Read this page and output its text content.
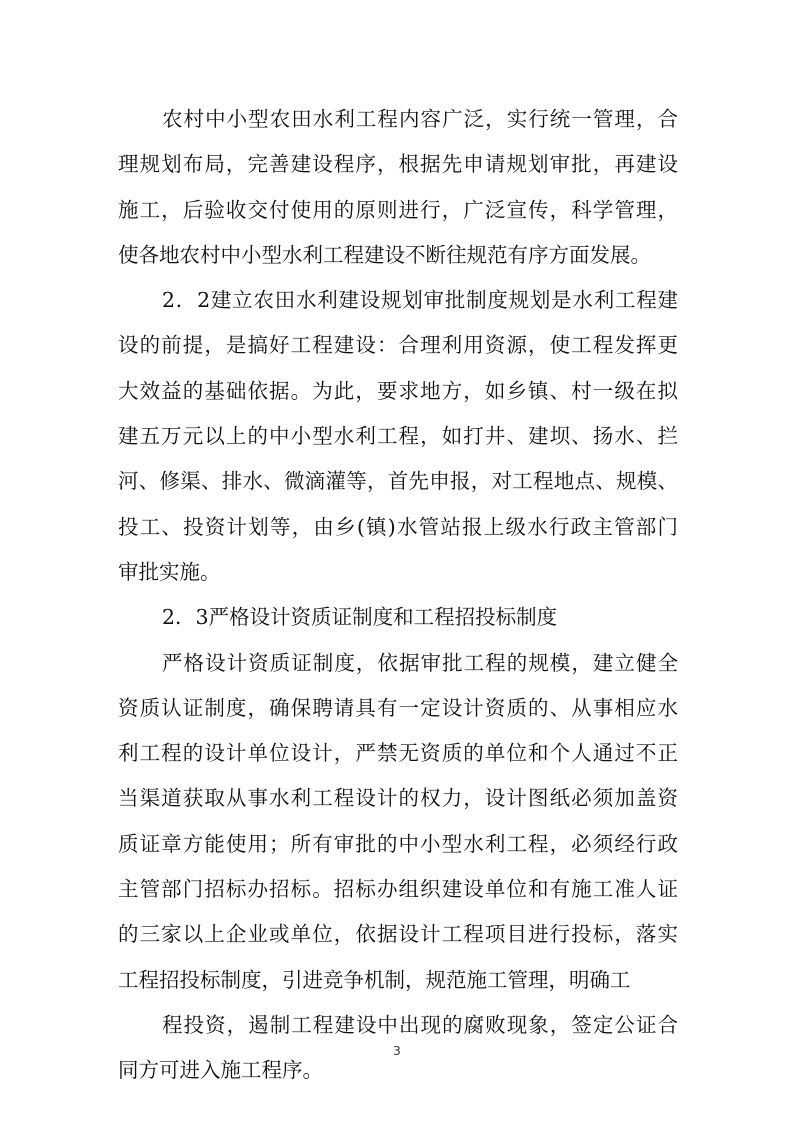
农村中小型农田水利工程内容广泛，实行统一管理，合
理规划布局，完善建设程序，根据先申请规划审批，再建设
施工，后验收交付使用的原则进行，广泛宣传，科学管理，
使各地农村中小型水利工程建设不断往规范有序方面发展。
2．2建立农田水利建设规划审批制度规划是水利工程建
设的前提，是搞好工程建设：合理利用资源，使工程发挥更
大效益的基础依据。为此，要求地方，如乡镇、村一级在拟
建五万元以上的中小型水利工程，如打井、建坝、扬水、拦
河、修渠、排水、微滴灌等，首先申报，对工程地点、规模、
投工、投资计划等，由乡(镇)水管站报上级水行政主管部门
审批实施。
2．3严格设计资质证制度和工程招投标制度
严格设计资质证制度，依据审批工程的规模，建立健全
资质认证制度，确保聘请具有一定设计资质的、从事相应水
利工程的设计单位设计，严禁无资质的单位和个人通过不正
当渠道获取从事水利工程设计的权力，设计图纸必须加盖资
质证章方能使用；所有审批的中小型水利工程，必须经行政
主管部门招标办招标。招标办组织建设单位和有施工准人证
的三家以上企业或单位，依据设计工程项目进行投标，落实
工程招投标制度，引进竞争机制，规范施工管理，明确工
程投资，遏制工程建设中出现的腐败现象，签定公证合
同方可进入施工程序。
3
